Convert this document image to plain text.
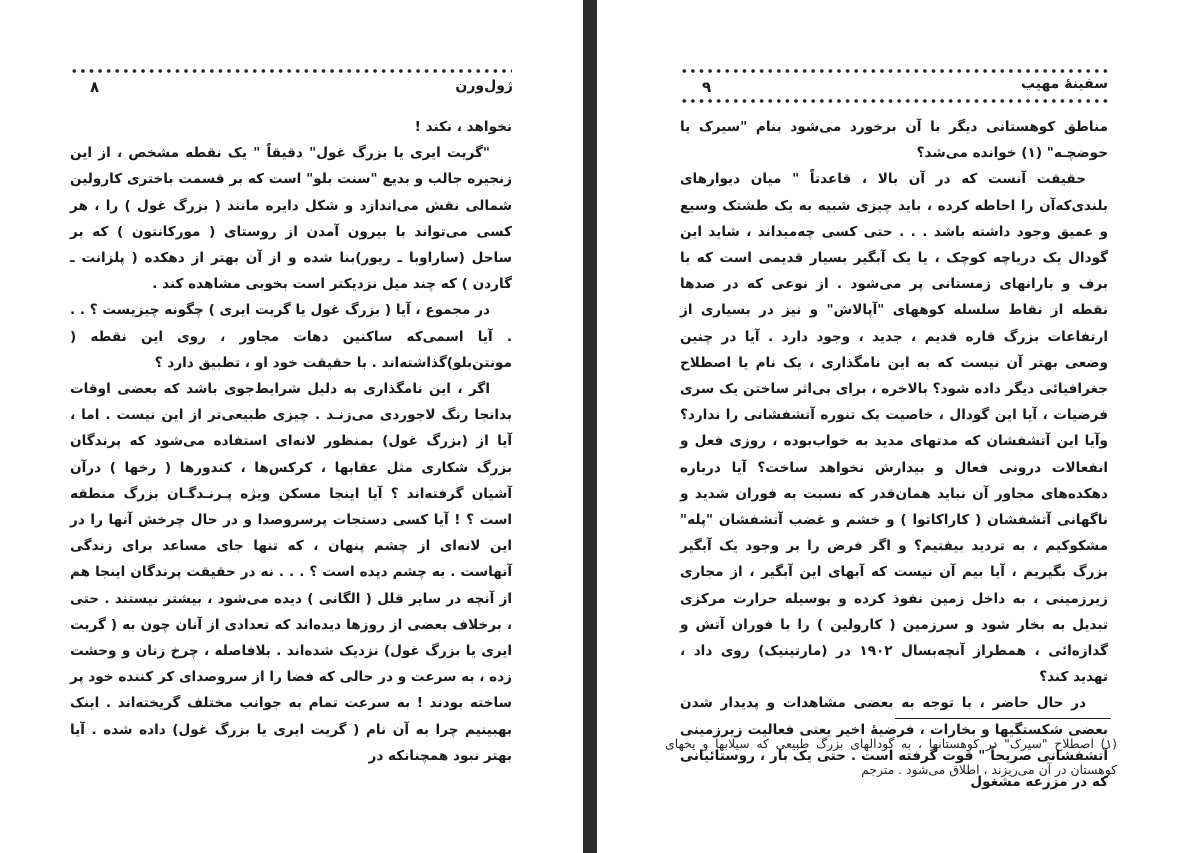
ژول‌ورن
۸

نخواهد ، نکند !

"گریت ایری یا بزرگ غول" دقیقاً " یک نقطه مشخص ، از این زنجیره جالب و بدیع "سنت بلو" است که بر قسمت باختری کارولین شمالی نقش می‌اندازد و شکل دایره مانند ( بزرگ غول ) را ، هر کسی می‌تواند با بیرون آمدن از روستای ( مورکانتون ) که بر ساحل (ساراوبا ـ ریور)بنا شده و از آن بهتر از دهکده ( پلزانت ـ گاردن ) که چند میل نزدیکتر است بخوبی مشاهده کند .

در مجموع ، آیا ( بزرگ غول یا گریت ایری ) چگونه چیزیست ؟ . . . آیا اسمی‌که ساکنین دهات مجاور ، روی این نقطه ( مونتن‌بلو)گذاشته‌اند . با حقیقت خود او ، تطبیق دارد ؟

اگر ، این نامگذاری به دلیل شرایط‌جوی باشد که بعضی اوقات بدانجا رنگ لاجوردی می‌زنـد . چیزی طبیعی‌تر از این نیست . اما ، آیا از (بزرگ غول) بمنظور لانه‌ای استفاده می‌شود که پرندگان بزرگ شکاری مثل عقابها ، کرکس‌ها ، کندورها ( رخها ) درآن آشیان گرفته‌اند ؟ آیا اینجا مسکن ویژه پـرنـدگـان بزرگ منطقه است ؟ ! آیا کسی دستجات پرسروصدا و در حال چرخش آنها را در این لانه‌ای از چشم پنهان ، که تنها جای مساعد برای زندگی آنهاست . به چشم دیده است ؟ . . . نه در حقیقت پرندگان اینجا هم از آنچه در سایر قلل ( الگانی ) دیده می‌شود ، بیشتر نیستند . حتی ، برخلاف بعضی از روزها دیده‌اند که تعدادی از آنان چون به ( گریت ایری یا بزرگ غول) نزدیک شده‌اند . بلافاصله ، چرخ زنان و وحشت زده ، به سرعت و در حالی که فضا را از سروصدای کر کننده خود پر ساخته بودند ! به سرعت تمام به جوانب مختلف گریخته‌اند . اینک بهبینیم چرا به آن نام ( گریت ایری یا بزرگ غول) داده شده . آیا بهتر نبود همچنانکه در

سفینه‌ٔ مهیب
۹

مناطق کوهستانی دیگر با آن برخورد می‌شود بنام "سیرک یا حوضچـه" (۱) خوانده می‌شد؟

حقیقت آنست که در آن بالا ، قاعدتاً " میان دیوارهای بلندی‌که‌آن را احاطه کرده ، باید چیزی شبیه به یک طشتک وسیع و عمیق وجود داشته باشد . . . حتی کسی چه‌میداند ، شاید این گودال یک دریاچه کوچک ، یا یک آبگیر بسیار قدیمی است که با برف و بارانهای زمستانی پر می‌شود . از نوعی که در صدها نقطه از نقاط سلسله کوههای "آپالاش" و نیز در بسیاری از ارتفاعات بزرگ قاره قدیم ، جدید ، وجود دارد . آیا در چنین وضعی بهتر آن نیست که به این نامگذاری ، یک نام یا اصطلاح جغرافیائی دیگر داده شود؟ بالاخره ، برای بی‌اثر ساختن یک سری فرضیات ، آیا این گودال ، خاصیت یک تنوره آتشفشانی را ندارد؟ وآیا این آتشفشان که مدتهای مدید به خواب‌بوده ، روزی فعل و انفعالات درونی فعال و بیدارش نخواهد ساخت؟ آیا درباره دهکده‌های مجاور آن نباید همان‌قدر که نسبت به فوران شدید و ناگهانی آتشفشان ( کاراکاتوا ) و خشم و غضب آتشفشان "پله" مشکوکیم ، به تردید بیفتیم؟ و اگر فرض را بر وجود یک آبگیر بزرگ بگیریم ، آیا بیم آن نیست که آبهای این آبگیر ، از مجاری زیرزمینی ، به داخل زمین نفوذ کرده و بوسیله حرارت مرکزی تبدیل به بخار شود و سرزمین ( کارولین ) را با فوران آتش و گدازه‌ائی ، همطراز آنچه‌بسال ۱۹۰۲ در (مارتینیک) روی داد ، تهدید کند؟

در حال حاضر ، با توجه به بعضی مشاهدات و پدیدار شدن بعضی شکستگیها و بخارات ، فرضیهٔ اخیر یعنی فعالیت زیرزمینی آتشفشانی صریحاً " قوت گرفته است . حتی یک بار ، روستائیانی که در مزرعه مشغول

(۱) اصطلاح "سیرک" در کوهستانها ، به گودالهای بزرگ طبیعی که سیلابها و یخهای کوهستان در آن می‌ریزند ، اطلاق می‌شود . مترجم
